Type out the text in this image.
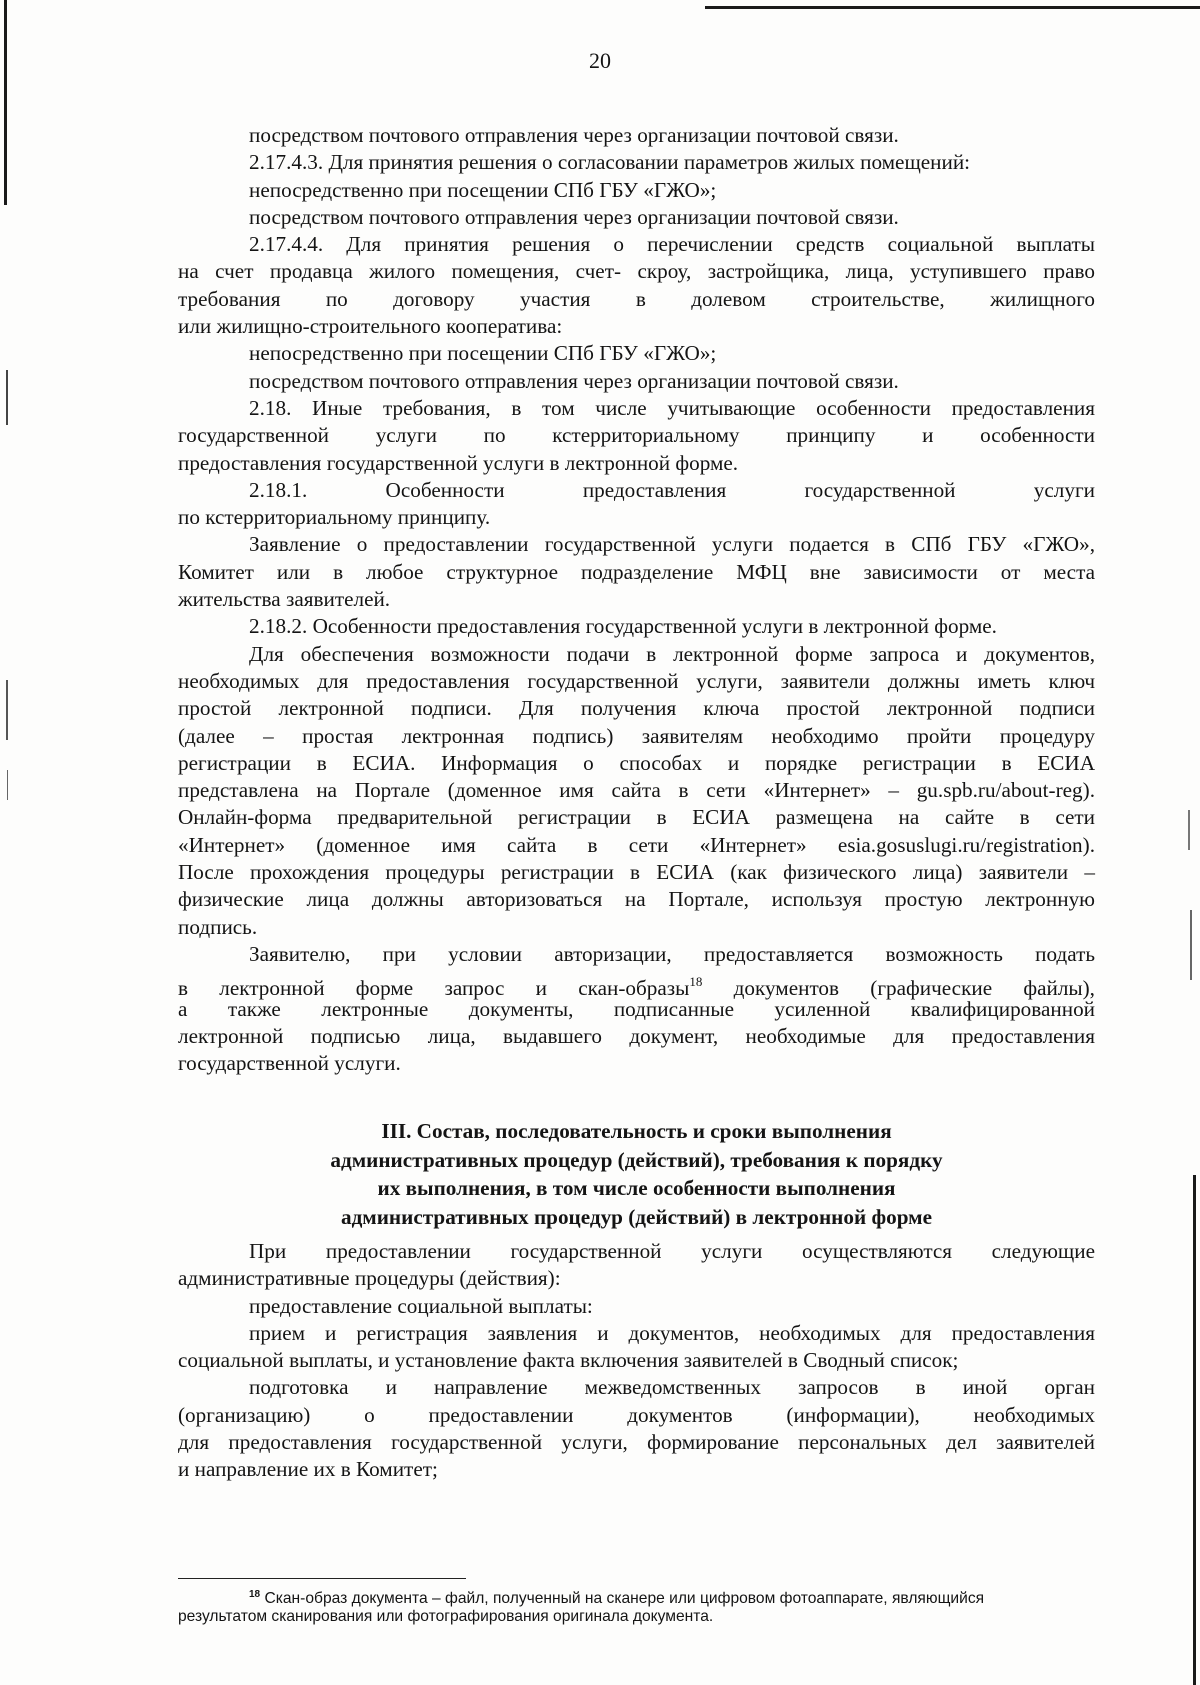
20
посредством почтового отправления через организации почтовой связи.
2.17.4.3. Для принятия решения о согласовании параметров жилых помещений:
непосредственно при посещении СПб ГБУ «ГЖО»;
посредством почтового отправления через организации почтовой связи.
2.17.4.4. Для принятия решения о перечислении средств социальной выплаты
на счет продавца жилого помещения, счет- скроу, застройщика, лица, уступившего право
требования по договору участия в долевом строительстве, жилищного
или жилищно-строительного кооператива:
непосредственно при посещении СПб ГБУ «ГЖО»;
посредством почтового отправления через организации почтовой связи.
2.18. Иные требования, в том числе учитывающие особенности предоставления
государственной услуги по кстерриториальному принципу и особенности
предоставления государственной услуги в лектронной форме.
2.18.1. Особенности предоставления государственной услуги
по кстерриториальному принципу.
Заявление о предоставлении государственной услуги подается в СПб ГБУ «ГЖО»,
Комитет или в любое структурное подразделение МФЦ вне зависимости от места
жительства заявителей.
2.18.2. Особенности предоставления государственной услуги в лектронной форме.
Для обеспечения возможности подачи в лектронной форме запроса и документов,
необходимых для предоставления государственной услуги, заявители должны иметь ключ
простой лектронной подписи. Для получения ключа простой лектронной подписи
(далее – простая лектронная подпись) заявителям необходимо пройти процедуру
регистрации в ЕСИА. Информация о способах и порядке регистрации в ЕСИА
представлена на Портале (доменное имя сайта в сети «Интернет» – gu.spb.ru/about-reg).
Онлайн-форма предварительной регистрации в ЕСИА размещена на сайте в сети
«Интернет» (доменное имя сайта в сети «Интернет» esia.gosuslugi.ru/registration).
После прохождения процедуры регистрации в ЕСИА (как физического лица) заявители –
физические лица должны авторизоваться на Портале, используя простую лектронную
подпись.
Заявителю, при условии авторизации, предоставляется возможность подать
в лектронной форме запрос и скан-образы$^{18}$ документов (графические файлы),
а также лектронные документы, подписанные усиленной квалифицированной
лектронной подписью лица, выдавшего документ, необходимые для предоставления
государственной услуги.
III. Состав, последовательность и сроки выполнения
административных процедур (действий), требования к порядку
их выполнения, в том числе особенности выполнения
административных процедур (действий) в лектронной форме
При предоставлении государственной услуги осуществляются следующие
административные процедуры (действия):
предоставление социальной выплаты:
прием и регистрация заявления и документов, необходимых для предоставления
социальной выплаты, и установление факта включения заявителей в Сводный список;
подготовка и направление межведомственных запросов в иной орган
(организацию) о предоставлении документов (информации), необходимых
для предоставления государственной услуги, формирование персональных дел заявителей
и направление их в Комитет;
$^{18}$ Скан-образ документа – файл, полученный на сканере или цифровом фотоаппарате, являющийся
результатом сканирования или фотографирования оригинала документа.
